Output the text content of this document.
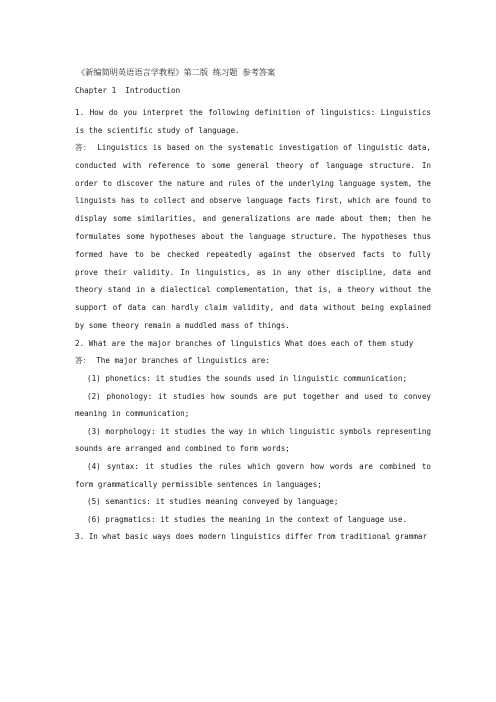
《新编简明英语语言学教程》第二版 练习题 参考答案
Chapter 1  Introduction

1. How do you interpret the following definition of linguistics: Linguistics is the scientific study of language.

答： Linguistics is based on the systematic investigation of linguistic data, conducted with reference to some general theory of language structure. In order to discover the nature and rules of the underlying language system, the linguists has to collect and observe language facts first, which are found to display some similarities, and generalizations are made about them; then he formulates some hypotheses about the language structure. The hypotheses thus formed have to be checked repeatedly against the observed facts to fully prove their validity. In linguistics, as in any other discipline, data and theory stand in a dialectical complementation, that is, a theory without the support of data can hardly claim validity, and data without being explained by some theory remain a muddled mass of things.

2. What are the major branches of linguistics What does each of them study

答： The major branches of linguistics are:

(1) phonetics: it studies the sounds used in linguistic communication;

(2) phonology: it studies how sounds are put together and used to convey meaning in communication;

(3) morphology: it studies the way in which linguistic symbols representing sounds are arranged and combined to form words;

(4) syntax: it studies the rules which govern how words are combined to form grammatically permissible sentences in languages;

(5) semantics: it studies meaning conveyed by language;

(6) pragmatics: it studies the meaning in the context of language use.

3. In what basic ways does modern linguistics differ from traditional grammar
